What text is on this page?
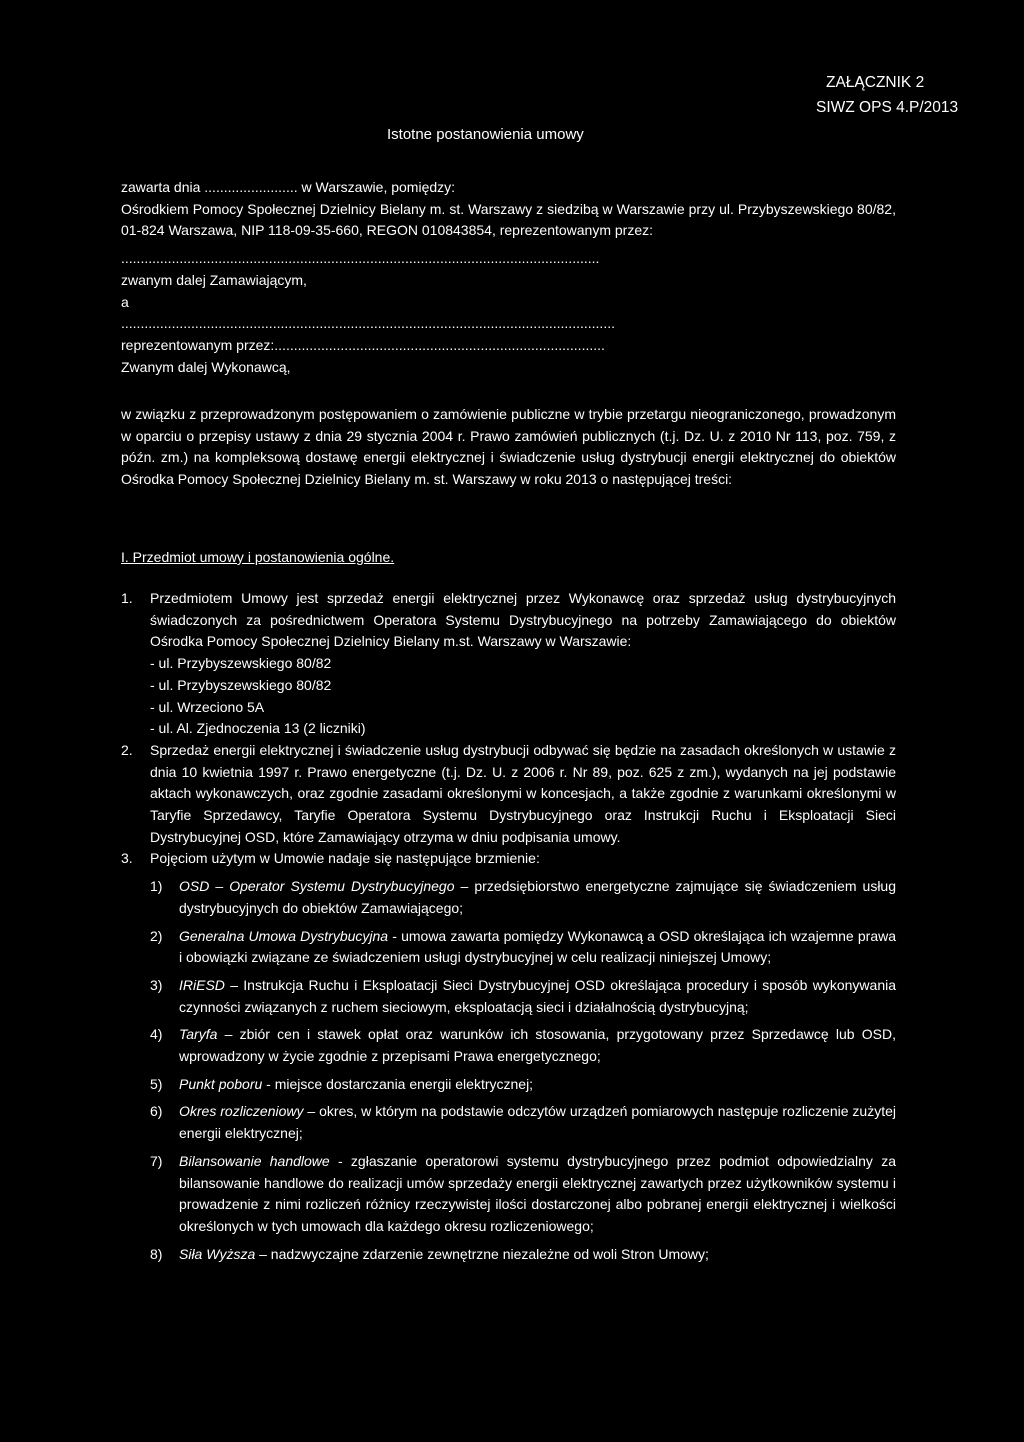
ZAŁĄCZNIK 2
SIWZ OPS 4.P/2013
Istotne postanowienia umowy

zawarta dnia ........................ w Warszawie, pomiędzy:

Ośrodkiem Pomocy Społecznej Dzielnicy Bielany m. st. Warszawy z siedzibą w Warszawie przy ul. Przybyszewskiego 80/82, 01-824 Warszawa, NIP 118-09-35-660, REGON 010843854, reprezentowanym przez:

...........................................................................................................................

zwanym dalej Zamawiającym,

a

...............................................................................................................................

reprezentowanym przez:.....................................................................................

Zwanym dalej Wykonawcą,

w związku z przeprowadzonym postępowaniem o zamówienie publiczne w trybie przetargu nieograniczonego, prowadzonym w oparciu o przepisy ustawy z dnia 29 stycznia 2004 r. Prawo zamówień publicznych (t.j. Dz. U. z 2010 Nr 113, poz. 759, z późn. zm.) na kompleksową dostawę energii elektrycznej i świadczenie usług dystrybucji energii elektrycznej do obiektów Ośrodka Pomocy Społecznej Dzielnicy Bielany m. st. Warszawy w roku 2013 o następującej treści:

I. Przedmiot umowy i postanowienia ogólne.
1. Przedmiotem Umowy jest sprzedaż energii elektrycznej przez Wykonawcę oraz sprzedaż usług dystrybucyjnych świadczonych za pośrednictwem Operatora Systemu Dystrybucyjnego na potrzeby Zamawiającego do obiektów Ośrodka Pomocy Społecznej Dzielnicy Bielany m.st. Warszawy w Warszawie:

- ul. Przybyszewskiego 80/82

- ul. Przybyszewskiego 80/82

- ul. Wrzeciono 5A

- ul. Al. Zjednoczenia 13 (2 liczniki)

2. Sprzedaż energii elektrycznej i świadczenie usług dystrybucji odbywać się będzie na zasadach określonych w ustawie z dnia 10 kwietnia 1997 r. Prawo energetyczne (t.j. Dz. U. z 2006 r. Nr 89, poz. 625 z zm.), wydanych na jej podstawie aktach wykonawczych, oraz zgodnie zasadami określonymi w koncesjach, a także zgodnie z warunkami określonymi w Taryfie Sprzedawcy, Taryfie Operatora Systemu Dystrybucyjnego oraz Instrukcji Ruchu i Eksploatacji Sieci Dystrybucyjnej OSD, które Zamawiający otrzyma w dniu podpisania umowy.
3. Pojęciom użytym w Umowie nadaje się następujące brzmienie:
1) OSD – Operator Systemu Dystrybucyjnego – przedsiębiorstwo energetyczne zajmujące się świadczeniem usług dystrybucyjnych do obiektów Zamawiającego;
2) Generalna Umowa Dystrybucyjna - umowa zawarta pomiędzy Wykonawcą a OSD określająca ich wzajemne prawa i obowiązki związane ze świadczeniem usługi dystrybucyjnej w celu realizacji niniejszej Umowy;
3) IRiESD – Instrukcja Ruchu i Eksploatacji Sieci Dystrybucyjnej OSD określająca procedury i sposób wykonywania czynności związanych z ruchem sieciowym, eksploatacją sieci i działalnością dystrybucyjną;
4) Taryfa – zbiór cen i stawek opłat oraz warunków ich stosowania, przygotowany przez Sprzedawcę lub OSD, wprowadzony w życie zgodnie z przepisami Prawa energetycznego;
5) Punkt poboru - miejsce dostarczania energii elektrycznej;
6) Okres rozliczeniowy – okres, w którym na podstawie odczytów urządzeń pomiarowych następuje rozliczenie zużytej energii elektrycznej;
7) Bilansowanie handlowe - zgłaszanie operatorowi systemu dystrybucyjnego przez podmiot odpowiedzialny za bilansowanie handlowe do realizacji umów sprzedaży energii elektrycznej zawartych przez użytkowników systemu i prowadzenie z nimi rozliczeń różnicy rzeczywistej ilości dostarczonej albo pobranej energii elektrycznej i wielkości określonych w tych umowach dla każdego okresu rozliczeniowego;
8) Siła Wyższa – nadzwyczajne zdarzenie zewnętrzne niezależne od woli Stron Umowy;
